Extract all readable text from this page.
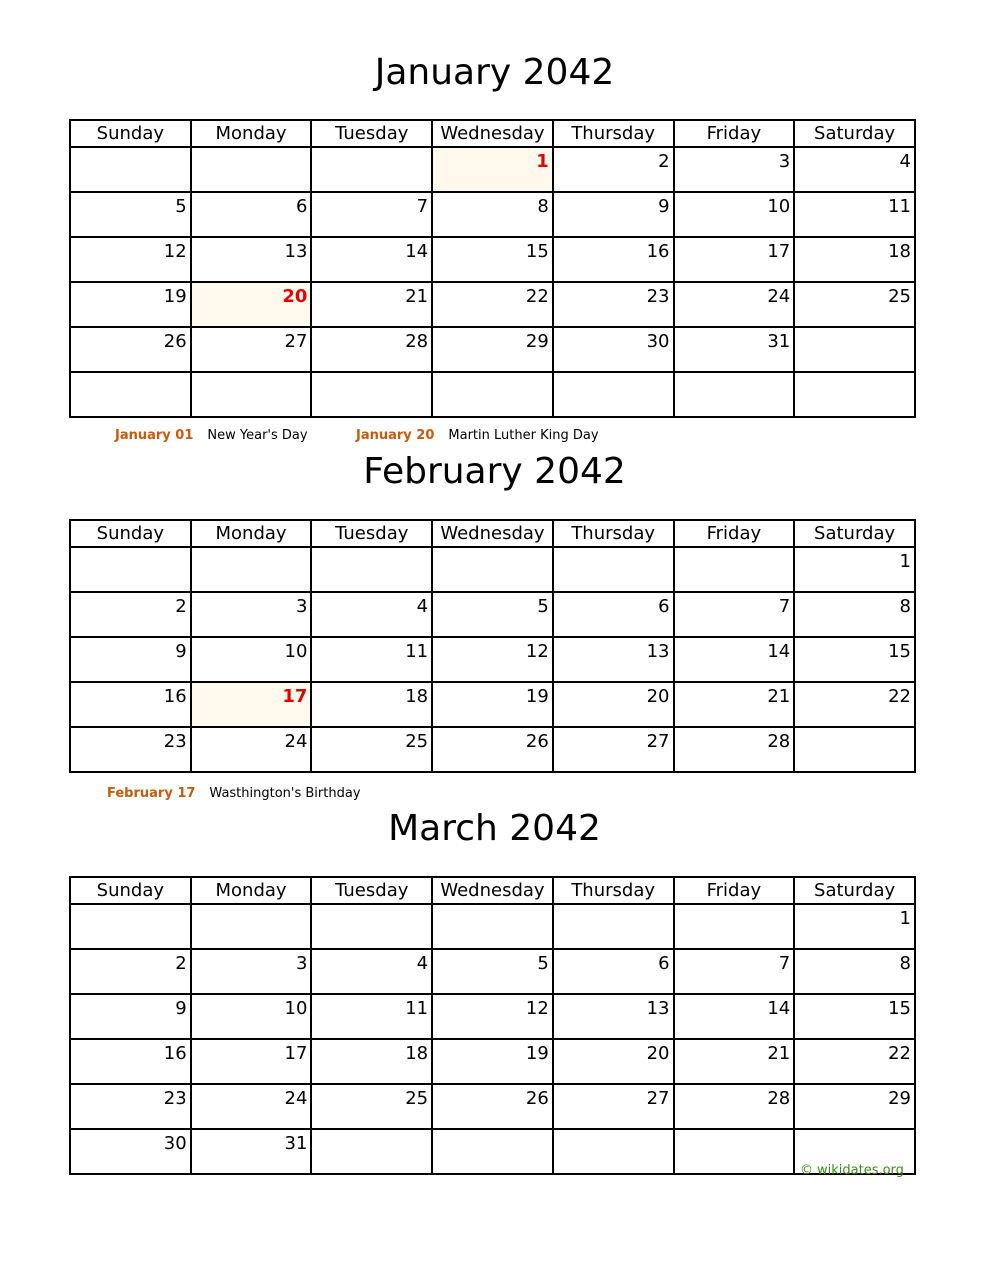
January 2042
Sunday	Monday	Tuesday	Wednesday	Thursday	Friday	Saturday
			1	2	3	4
5	6	7	8	9	10	11
12	13	14	15	16	17	18
19	20	21	22	23	24	25
26	27	28	29	30	31	

January 01 New Year's Day	January 20 Martin Luther King Day
February 2042
Sunday	Monday	Tuesday	Wednesday	Thursday	Friday	Saturday
						1
2	3	4	5	6	7	8
9	10	11	12	13	14	15
16	17	18	19	20	21	22
23	24	25	26	27	28	
February 17 Wasthington's Birthday
March 2042
Sunday	Monday	Tuesday	Wednesday	Thursday	Friday	Saturday
						1
2	3	4	5	6	7	8
9	10	11	12	13	14	15
16	17	18	19	20	21	22
23	24	25	26	27	28	29
30	31					
© wikidates.org
